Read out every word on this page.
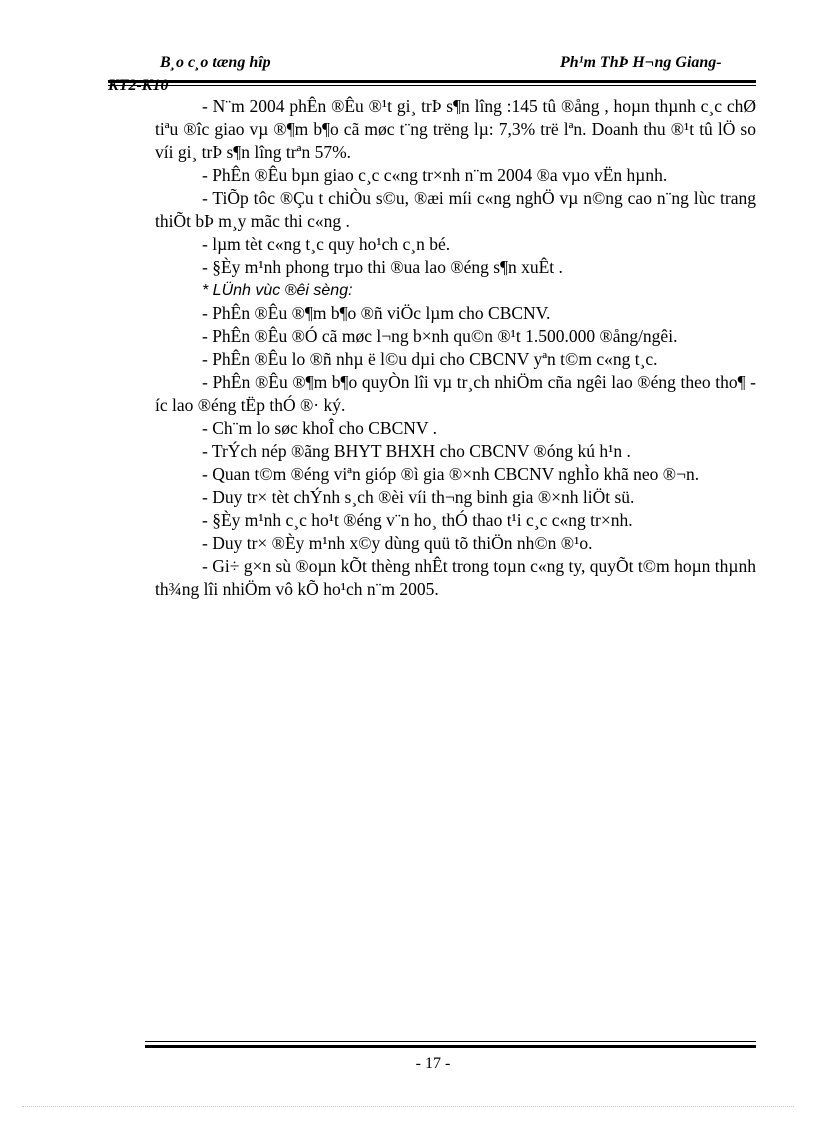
B¸o c¸o tæng hîp	Ph¹m ThÞ H¬ng Giang-
KT2-K10

- N¨m 2004 phÊn ®Êu ®¹t gi¸ trÞ s¶n lîng :145 tû ®ång , hoµn thµnh c¸c chØ tiªu ®îc giao vµ ®¶m b¶o cã møc t¨ng trëng lµ: 7,3% trë lªn. Doanh thu ®¹t tû lÖ so víi gi¸ trÞ s¶n lîng trªn 57%.

- PhÊn ®Êu bµn giao c¸c c«ng tr×nh n¨m 2004 ®a vµo vËn hµnh.

- TiÕp tôc ®Çu t chiÒu s©u, ®æi míi c«ng nghÖ vµ n©ng cao n¨ng lùc trang thiÕt bÞ m¸y mãc thi c«ng .

- lµm tèt c«ng t¸c quy ho¹ch c¸n bé.

- §Èy m¹nh phong trµo thi ®ua lao ®éng s¶n xuÊt .

* LÜnh vùc ®êi sèng:

- PhÊn ®Êu ®¶m b¶o ®ñ viÖc lµm cho CBCNV.

- PhÊn ®Êu ®Ó cã møc l¬ng b×nh qu©n ®¹t 1.500.000 ®ång/ngêi.

- PhÊn ®Êu lo ®ñ nhµ ë l©u dµi cho CBCNV yªn t©m c«ng t¸c.

- PhÊn ®Êu ®¶m b¶o quyÒn lîi vµ tr¸ch nhiÖm cña ngêi lao ®éng theo tho¶ íc lao ®éng tËp thÓ ®· ký.

- Ch¨m lo søc khoÎ cho CBCNV .

- TrÝch nép ®ãng BHYT BHXH cho CBCNV ®óng kú h¹n .

- Quan t©m ®éng viªn gióp ®ì gia ®×nh CBCNV nghÌo khã neo ®¬n.

- Duy tr× tèt chÝnh s¸ch ®èi víi th¬ng binh gia ®×nh liÖt sü.

- §Èy m¹nh c¸c ho¹t ®éng v¨n ho¸ thÓ thao t¹i c¸c c«ng tr×nh.

- Duy tr× ®Èy m¹nh x©y dùng quü tõ thiÖn nh©n ®¹o.

- Gi÷ g×n sù ®oµn kÕt thèng nhÊt trong toµn c«ng ty, quyÕt t©m hoµn thµnh th¾ng lîi nhiÖm vô kÕ ho¹ch n¨m 2005.

- 17 -
